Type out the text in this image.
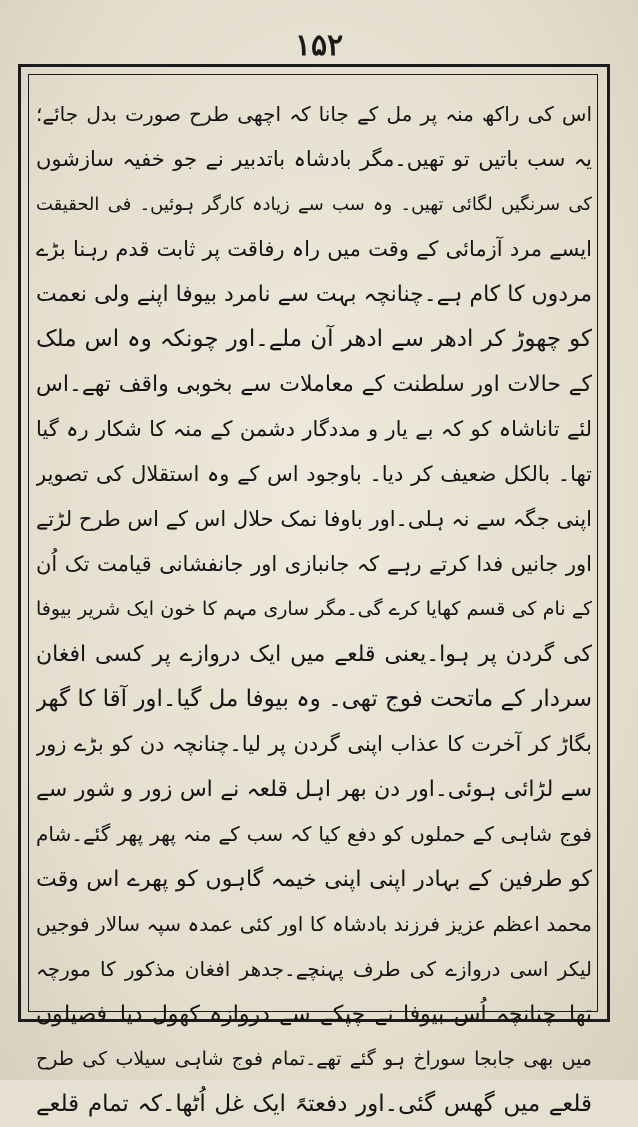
۱۵۲
اس کی راکھ منہ پر مل کے جانا کہ اچھی طرح صورت بدل جائے؛
یہ سب باتیں تو تھیں۔مگر بادشاہ باتدبیر نے جو خفیہ سازشوں
کی سرنگیں لگائی تھیں۔ وہ سب سے زیادہ کارگر ہوئیں۔ فی الحقیقت
ایسے مرد آزمائی کے وقت میں راہ رفاقت پر ثابت قدم رہنا بڑے
مردوں کا کام ہے۔چنانچہ بہت سے نامرد بیوفا اپنے ولی نعمت
کو چھوڑ کر ادھر سے ادھر آن ملے۔اور چونکہ وہ اس ملک
کے حالات اور سلطنت کے معاملات سے بخوبی واقف تھے۔اس
لئے تاناشاہ کو کہ بے یار و مددگار دشمن کے منہ کا شکار رہ گیا
تھا۔ بالکل ضعیف کر دیا۔ باوجود اس کے وہ استقلال کی تصویر
اپنی جگہ سے نہ ہلی۔اور باوفا نمک حلال اس کے اس طرح لڑتے
اور جانیں فدا کرتے رہے کہ جانبازی اور جانفشانی قیامت تک اُن
کے نام کی قسم کھایا کرے گی۔مگر ساری مہم کا خون ایک شریر بیوفا
کی گردن پر ہوا۔یعنی قلعے میں ایک دروازے پر کسی افغان
سردار کے ماتحت فوج تھی۔ وہ بیوفا مل گیا۔اور آقا کا گھر
بگاڑ کر آخرت کا عذاب اپنی گردن پر لیا۔چنانچہ دن کو بڑے زور
سے لڑائی ہوئی۔اور دن بھر اہل قلعہ نے اس زور و شور سے
فوج شاہی کے حملوں کو دفع کیا کہ سب کے منہ پھر پھر گئے۔شام
کو طرفین کے بہادر اپنی اپنی خیمہ گاہوں کو پھرے اس وقت
محمد اعظم عزیز فرزند بادشاہ کا اور کئی عمدہ سپہ سالار فوجیں
لیکر اسی دروازے کی طرف پہنچے۔جدھر افغان مذکور کا مورچہ
تھا۔چنانچہ اُس بیوفا نے چپکے سے دروازہ کھول دیا۔فصیلوں
میں بھی جابجا سوراخ ہو گئے تھے۔تمام فوج شاہی سیلاب کی طرح
قلعے میں گھس گئی۔اور دفعتہً ایک غل اُٹھا۔کہ تمام قلعے
